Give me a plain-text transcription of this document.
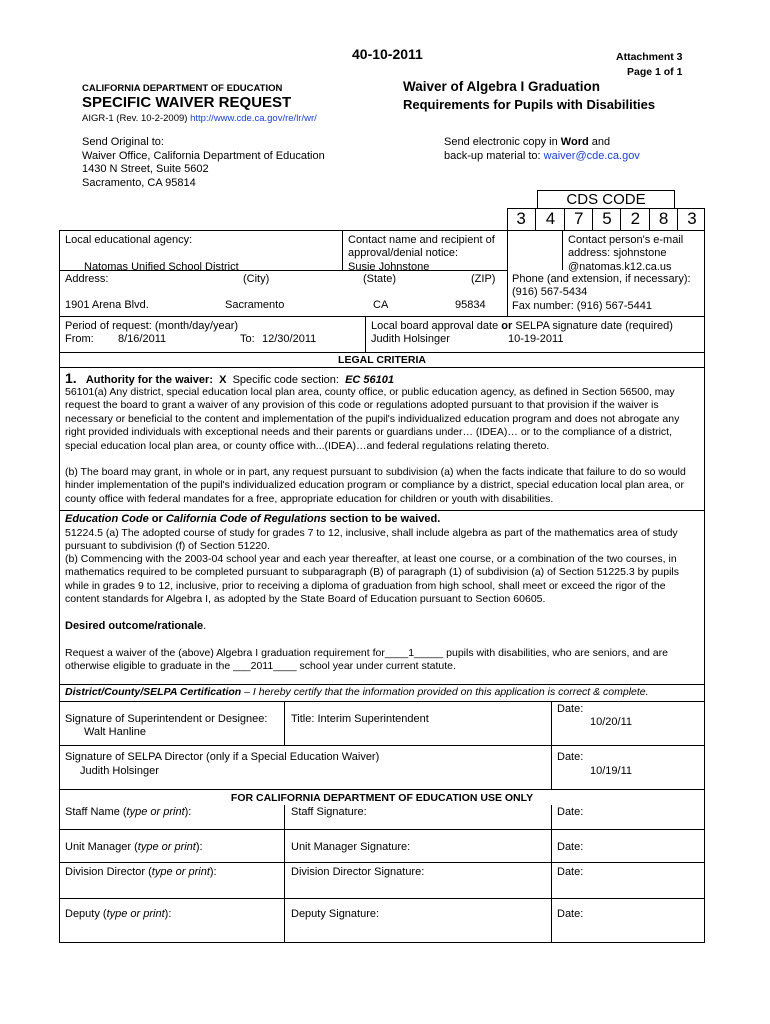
40-10-2011	Attachment 3
Page 1 of 1
CALIFORNIA DEPARTMENT OF EDUCATION
SPECIFIC WAIVER REQUEST
AIGR-1 (Rev. 10-2-2009) http://www.cde.ca.gov/re/lr/wr/
Waiver of Algebra I Graduation
Requirements for Pupils with Disabilities
Send Original to:
Waiver Office, California Department of Education
1430 N Street, Suite 5602
Sacramento, CA 95814
Send electronic copy in Word and
back-up material to: waiver@cde.ca.gov
CDS CODE
3	4	7	5	2	8	3
Local educational agency:
Natomas Unified School District
Address:	(City)	(State)	(ZIP)
1901 Arena Blvd.	Sacramento	CA	95834
Contact name and recipient of
approval/denial notice:
Susie Johnstone
Contact person's e-mail
address: sjohnstone
@natomas.k12.ca.us
Phone (and extension, if necessary):
(916) 567-5434
Fax number: (916) 567-5441
Period of request: (month/day/year)
From: 8/16/2011	To: 12/30/2011
Local board approval date or SELPA signature date (required)
Judith Holsinger	10-19-2011
LEGAL CRITERIA
1. Authority for the waiver: X Specific code section: EC 56101
56101(a) Any district, special education local plan area, county office, or public education agency, as defined in Section 56500, may request the board to grant a waiver of any provision of this code or regulations adopted pursuant to that provision if the waiver is necessary or beneficial to the content and implementation of the pupil's individualized education program and does not abrogate any right provided individuals with exceptional needs and their parents or guardians under… (IDEA)… or to the compliance of a district, special education local plan area, or county office with...(IDEA)…and federal regulations relating thereto.
(b) The board may grant, in whole or in part, any request pursuant to subdivision (a) when the facts indicate that failure to do so would hinder implementation of the pupil's individualized education program or compliance by a district, special education local plan area, or county office with federal mandates for a free, appropriate education for children or youth with disabilities.
Education Code or California Code of Regulations section to be waived.
51224.5 (a) The adopted course of study for grades 7 to 12, inclusive, shall include algebra as part of the mathematics area of study pursuant to subdivision (f) of Section 51220.
(b) Commencing with the 2003-04 school year and each year thereafter, at least one course, or a combination of the two courses, in mathematics required to be completed pursuant to subparagraph (B) of paragraph (1) of subdivision (a) of Section 51225.3 by pupils while in grades 9 to 12, inclusive, prior to receiving a diploma of graduation from high school, shall meet or exceed the rigor of the content standards for Algebra I, as adopted by the State Board of Education pursuant to Section 60605.
Desired outcome/rationale.
Request a waiver of the (above) Algebra I graduation requirement for____1_____ pupils with disabilities, who are seniors, and are otherwise eligible to graduate in the ___2011____ school year under current statute.
District/County/SELPA Certification – I hereby certify that the information provided on this application is correct & complete.
Signature of Superintendent or Designee:
Walt Hanline
Title: Interim Superintendent
Date:
10/20/11
Signature of SELPA Director (only if a Special Education Waiver)
Judith Holsinger
Date:
10/19/11
FOR CALIFORNIA DEPARTMENT OF EDUCATION USE ONLY
Staff Name (type or print):	Staff Signature:	Date:
Unit Manager (type or print):	Unit Manager Signature:	Date:
Division Director (type or print):	Division Director Signature:	Date:
Deputy (type or print):	Deputy Signature:	Date:
